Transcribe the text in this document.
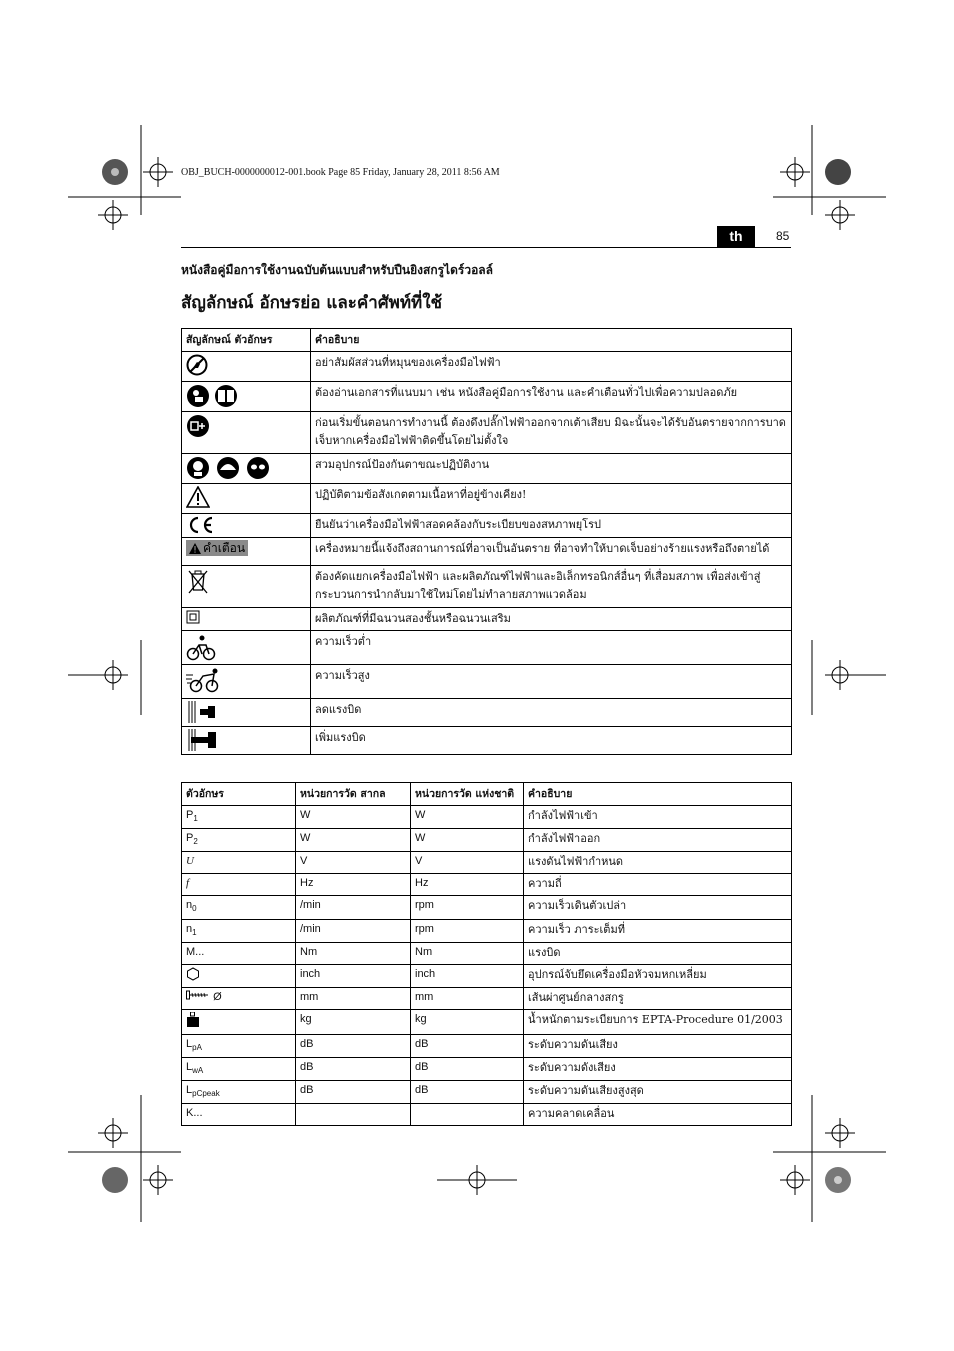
OBJ_BUCH-0000000012-001.book Page 85 Friday, January 28, 2011 8:56 AM
th	85
หนังสือคู่มือการใช้งานฉบับต้นแบบสำหรับปืนยิงสกรูไดร์วอลล์
สัญลักษณ์ อักษรย่อ และคำศัพท์ที่ใช้
สัญลักษณ์ ตัวอักษร	คำอธิบาย

	อย่าสัมผัสส่วนที่หมุนของเครื่องมือไฟฟ้า

	ต้องอ่านเอกสารที่แนบมา เช่น หนังสือคู่มือการใช้งาน และคำเตือนทั่วไปเพื่อความปลอดภัย

	ก่อนเริ่มขั้นตอนการทำงานนี้ ต้องดึงปลั๊กไฟฟ้าออกจากเต้าเสียบ มิฉะนั้นจะได้รับอันตรายจากการบาดเจ็บหากเครื่องมือไฟฟ้าติดขึ้นโดยไม่ตั้งใจ

	สวมอุปกรณ์ป้องกันตาขณะปฏิบัติงาน

	ปฏิบัติตามข้อสังเกตตามเนื้อหาที่อยู่ข้างเคียง!

	ยืนยันว่าเครื่องมือไฟฟ้าสอดคล้องกับระเบียบของสหภาพยุโรป

คำเตือน	เครื่องหมายนี้แจ้งถึงสถานการณ์ที่อาจเป็นอันตราย ที่อาจทำให้บาดเจ็บอย่างร้ายแรงหรือถึงตายได้

	ต้องคัดแยกเครื่องมือไฟฟ้า และผลิตภัณฑ์ไฟฟ้าและอิเล็กทรอนิกส์อื่นๆ ที่เสื่อมสภาพ เพื่อส่งเข้าสู่กระบวนการนำกลับมาใช้ใหม่โดยไม่ทำลายสภาพแวดล้อม

	ผลิตภัณฑ์ที่มีฉนวนสองชั้นหรือฉนวนเสริม

	ความเร็วต่ำ

	ความเร็วสูง

	ลดแรงบิด

	เพิ่มแรงบิด
ตัวอักษร	หน่วยการวัด สากล	หน่วยการวัด แห่งชาติ	คำอธิบาย
$P_1$	W	W	กำลังไฟฟ้าเข้า
$P_2$	W	W	กำลังไฟฟ้าออก
U	V	V	แรงดันไฟฟ้ากำหนด
f	Hz	Hz	ความถี่
$n_0$	/min	rpm	ความเร็วเดินตัวเปล่า
$n_1$	/min	rpm	ความเร็ว ภาระเต็มที่
M...	Nm	Nm	แรงบิด
	inch	inch	อุปกรณ์จับยึดเครื่องมือหัวจมหกเหลี่ยม
Ø	mm	mm	เส้นผ่าศูนย์กลางสกรู
	kg	kg	น้ำหนักตามระเบียบการ EPTA-Procedure 01/2003
$L_{pA}$	dB	dB	ระดับความดันเสียง
$L_{wA}$	dB	dB	ระดับความดังเสียง
$L_{pCpeak}$	dB	dB	ระดับความดันเสียงสูงสุด
K...			ความคลาดเคลื่อน
